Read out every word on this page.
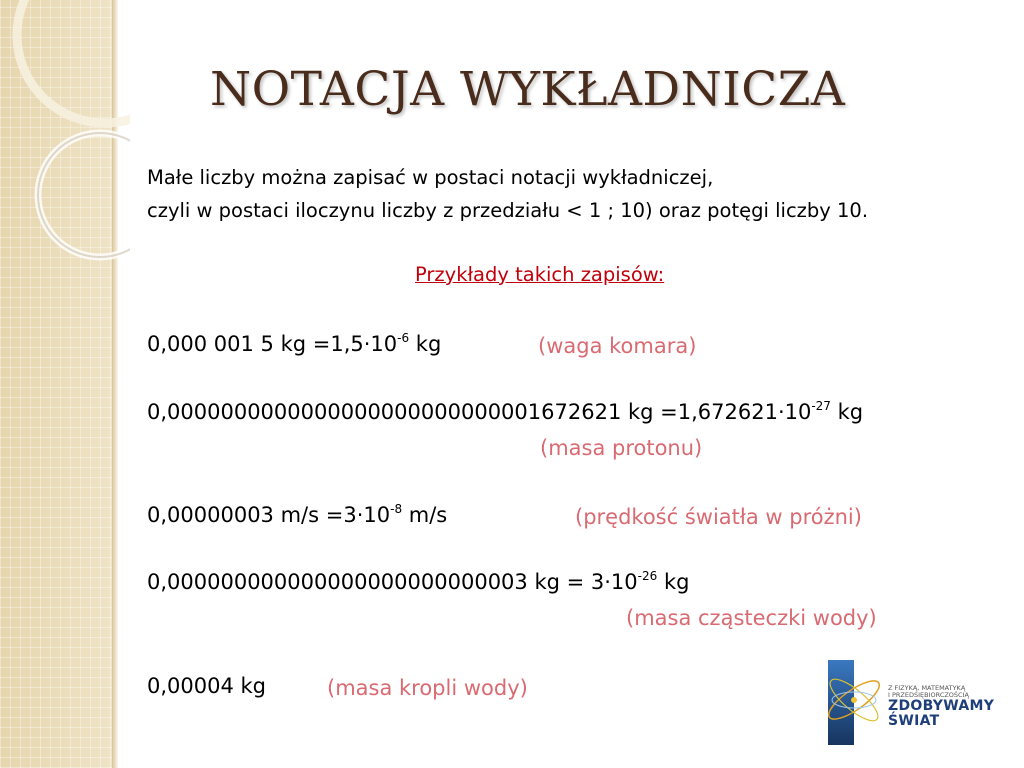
NOTACJA WYKŁADNICZA

Małe liczby można zapisać w postaci notacji wykładniczej,

czyli w postaci iloczynu liczby z przedziału < 1 ; 10) oraz potęgi liczby 10.

Przykłady takich zapisów:
0,000 001 5 kg $=1,5\cdot 10^{-6}$ kg	(waga komara)
0,0000000000000000000000000001672621 kg $=1,672621\cdot 10^{-27}$ kg
(masa protonu)
0,00000003 $m/s =3\cdot 10^{-8}$ m/s	(prędkość światła w próżni)
0,000000000000000000000000003 kg = $3\cdot 10^{-26}$ kg
(masa cząsteczki wody)
0,00004 kg	(masa kropli wody)	Z FIZYKĄ, MATEMATYKĄ
I PRZEDSIĘBIORCZOŚCIĄ
ZDOBYWAMY
ŚWIAT
